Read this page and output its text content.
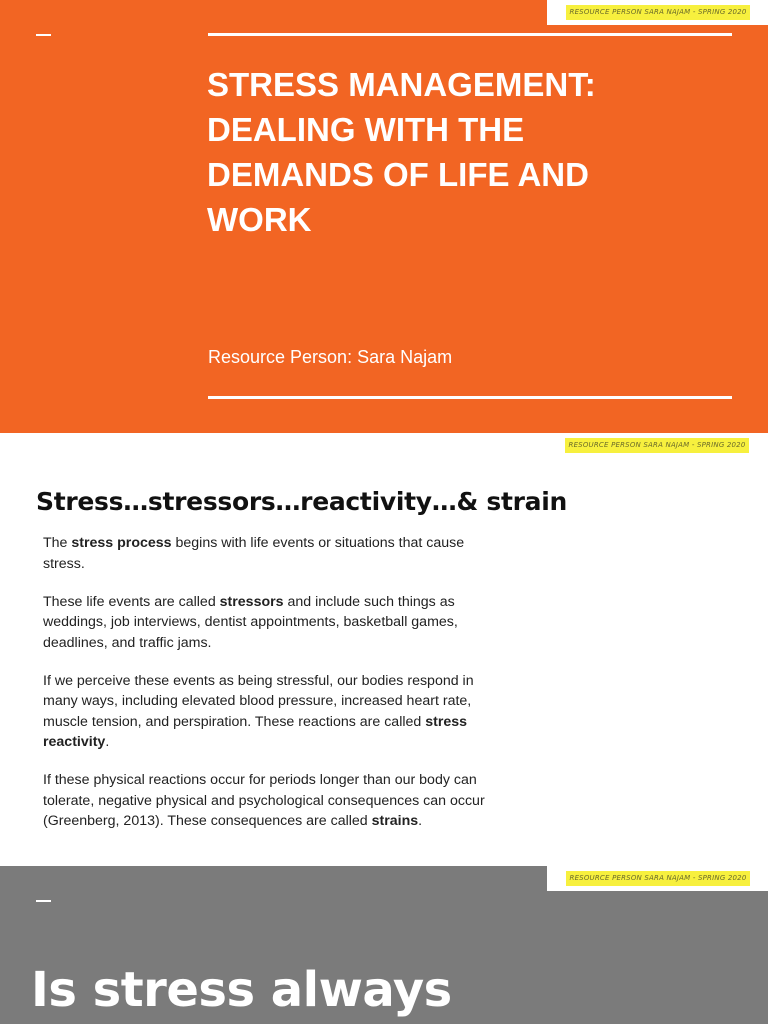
RESOURCE PERSON SARA NAJAM - SPRING 2020
STRESS MANAGEMENT:
DEALING WITH THE
DEMANDS OF LIFE AND
WORK
Resource Person: Sara Najam
RESOURCE PERSON SARA NAJAM - SPRING 2020
Stress…stressors…reactivity…& strain

The stress process begins with life events or situations that cause stress.

These life events are called stressors and include such things as weddings, job interviews, dentist appointments, basketball games, deadlines, and traffic jams.

If we perceive these events as being stressful, our bodies respond in many ways, including elevated blood pressure, increased heart rate, muscle tension, and perspiration. These reactions are called stress reactivity.

If these physical reactions occur for periods longer than our body can tolerate, negative physical and psychological consequences can occur (Greenberg, 2013). These consequences are called strains.

RESOURCE PERSON SARA NAJAM - SPRING 2020
Is stress always
